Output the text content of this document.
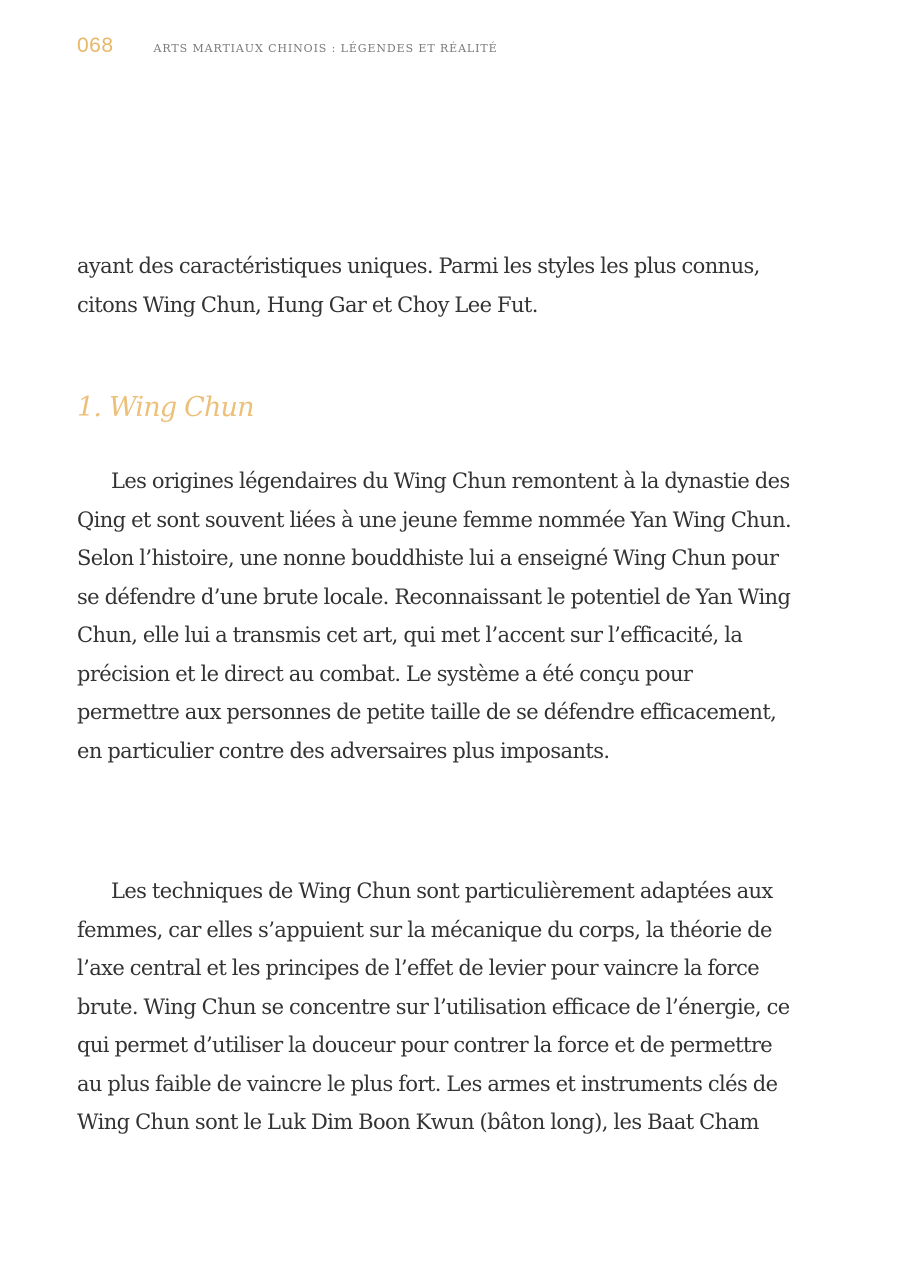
068	ARTS MARTIAUX CHINOIS : LÉGENDES ET RÉALITÉ

ayant des caractéristiques uniques. Parmi les styles les plus connus, citons Wing Chun, Hung Gar et Choy Lee Fut.

1. Wing Chun

Les origines légendaires du Wing Chun remontent à la dynastie des Qing et sont souvent liées à une jeune femme nommée Yan Wing Chun. Selon l’histoire, une nonne bouddhiste lui a enseigné Wing Chun pour se défendre d’une brute locale. Reconnaissant le potentiel de Yan Wing Chun, elle lui a transmis cet art, qui met l’accent sur l’efficacité, la précision et le direct au combat. Le système a été conçu pour permettre aux personnes de petite taille de se défendre efficacement, en particulier contre des adversaires plus imposants.

Les techniques de Wing Chun sont particulièrement adaptées aux femmes, car elles s’appuient sur la mécanique du corps, la théorie de l’axe central et les principes de l’effet de levier pour vaincre la force brute. Wing Chun se concentre sur l’utilisation efficace de l’énergie, ce qui permet d’utiliser la douceur pour contrer la force et de permettre au plus faible de vaincre le plus fort. Les armes et instruments clés de Wing Chun sont le Luk Dim Boon Kwun (bâton long), les Baat Cham
